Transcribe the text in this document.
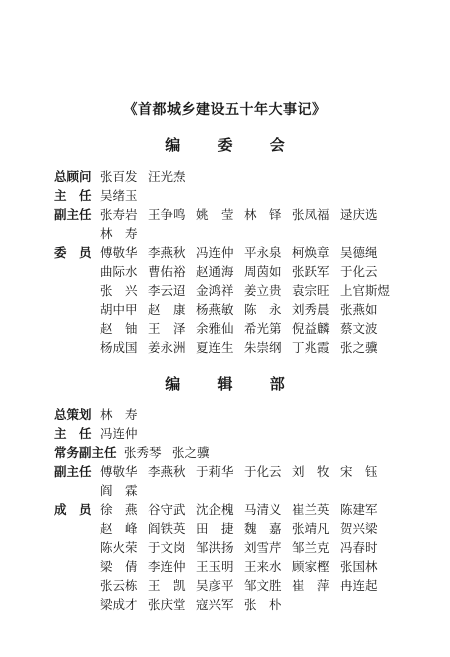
《首都城乡建设五十年大事记》
编 委 会
总顾问 张百发 汪光焘
主　任 吴绪玉
副主任 张寿岩 王争鸣 姚　莹 林　铎 张凤福 逯庆选
林　寿
委　员 傅敬华 李燕秋 冯连仲 平永泉 柯焕章 吴德绳
曲际水 曹佑裕 赵通海 周茵如 张跃军 于化云
张　兴 李云迢 金鸿祥 姜立贵 袁宗旺 上官斯煜
胡中甲 赵　康 杨燕敏 陈　永 刘秀晨 张燕如
赵　铀 王　泽 余雅仙 希光第 倪益麟 蔡文波
杨成国 姜永洲 夏连生 朱崇纲 丁兆霞 张之骥
编 辑 部
总策划 林　寿
主　任 冯连仲
常务副主任 张秀琴 张之骥
副主任 傅敬华 李燕秋 于莉华 于化云 刘　牧 宋　钰
阎　霖
成　员 徐　燕 谷守武 沈企槐 马清义 崔兰英 陈建军
赵　峰 阎铁英 田　捷 魏　嘉 张靖凡 贺兴梁
陈火荣 于文岗 邹洪扬 刘雪芹 邹兰克 冯春时
梁　倩 李连仲 王玉明 王来水 顾家樫 张国林
张云栋 王　凯 吴彦平 邹文胜 崔　萍 冉连起
梁成才 张庆堂 寇兴军 张　朴
